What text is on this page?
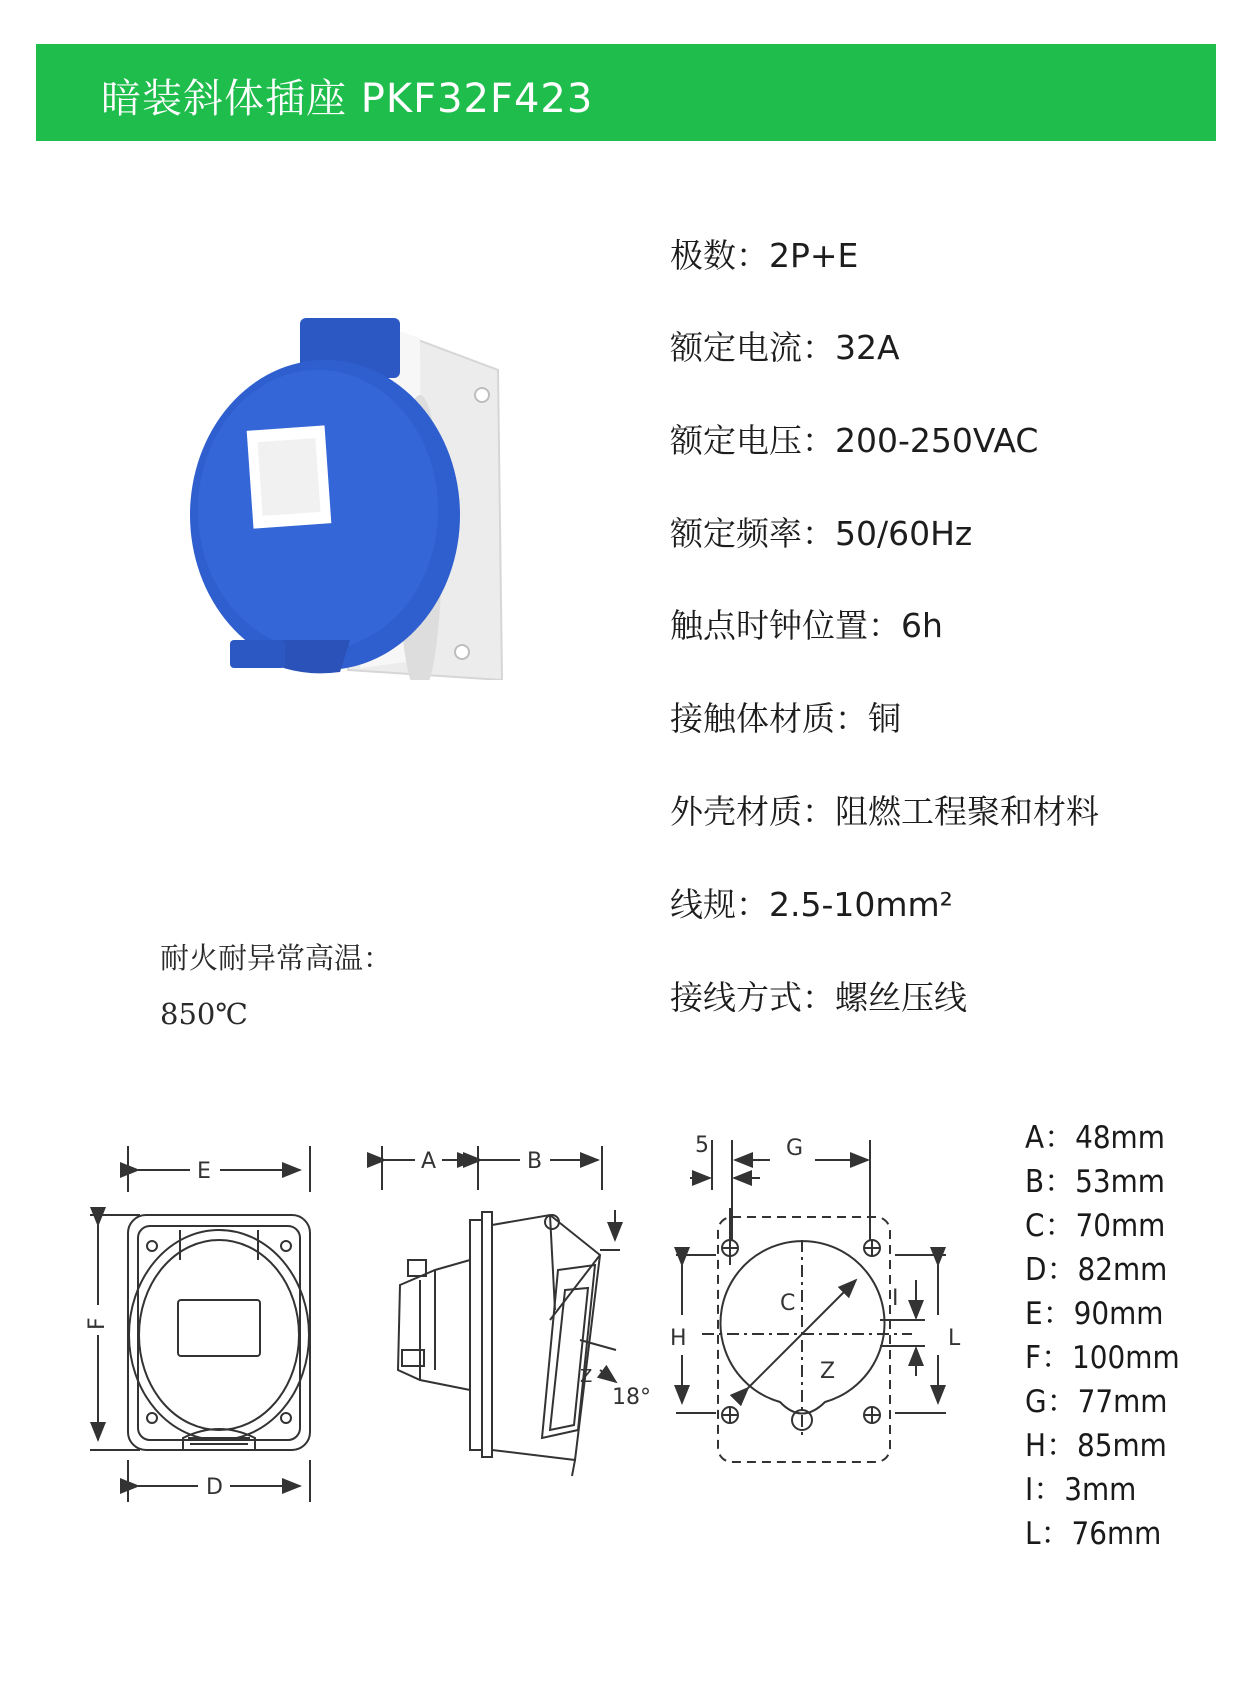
暗装斜体插座 PKF32F423
极数：2P+E
额定电流：32A
额定电压：200-250VAC
额定频率：50/60Hz
触点时钟位置：6h
接触体材质：铜
外壳材质：阻燃工程聚和材料
线规：2.5-10mm²
接线方式：螺丝压线
耐火耐异常高温：
850℃
E
F
D
A	B
Z
18°
5	G
H
C
Z
I
L
A：48mm
B：53mm
C：70mm
D：82mm
E：90mm
F：100mm
G：77mm
H：85mm
I：3mm
L：76mm
